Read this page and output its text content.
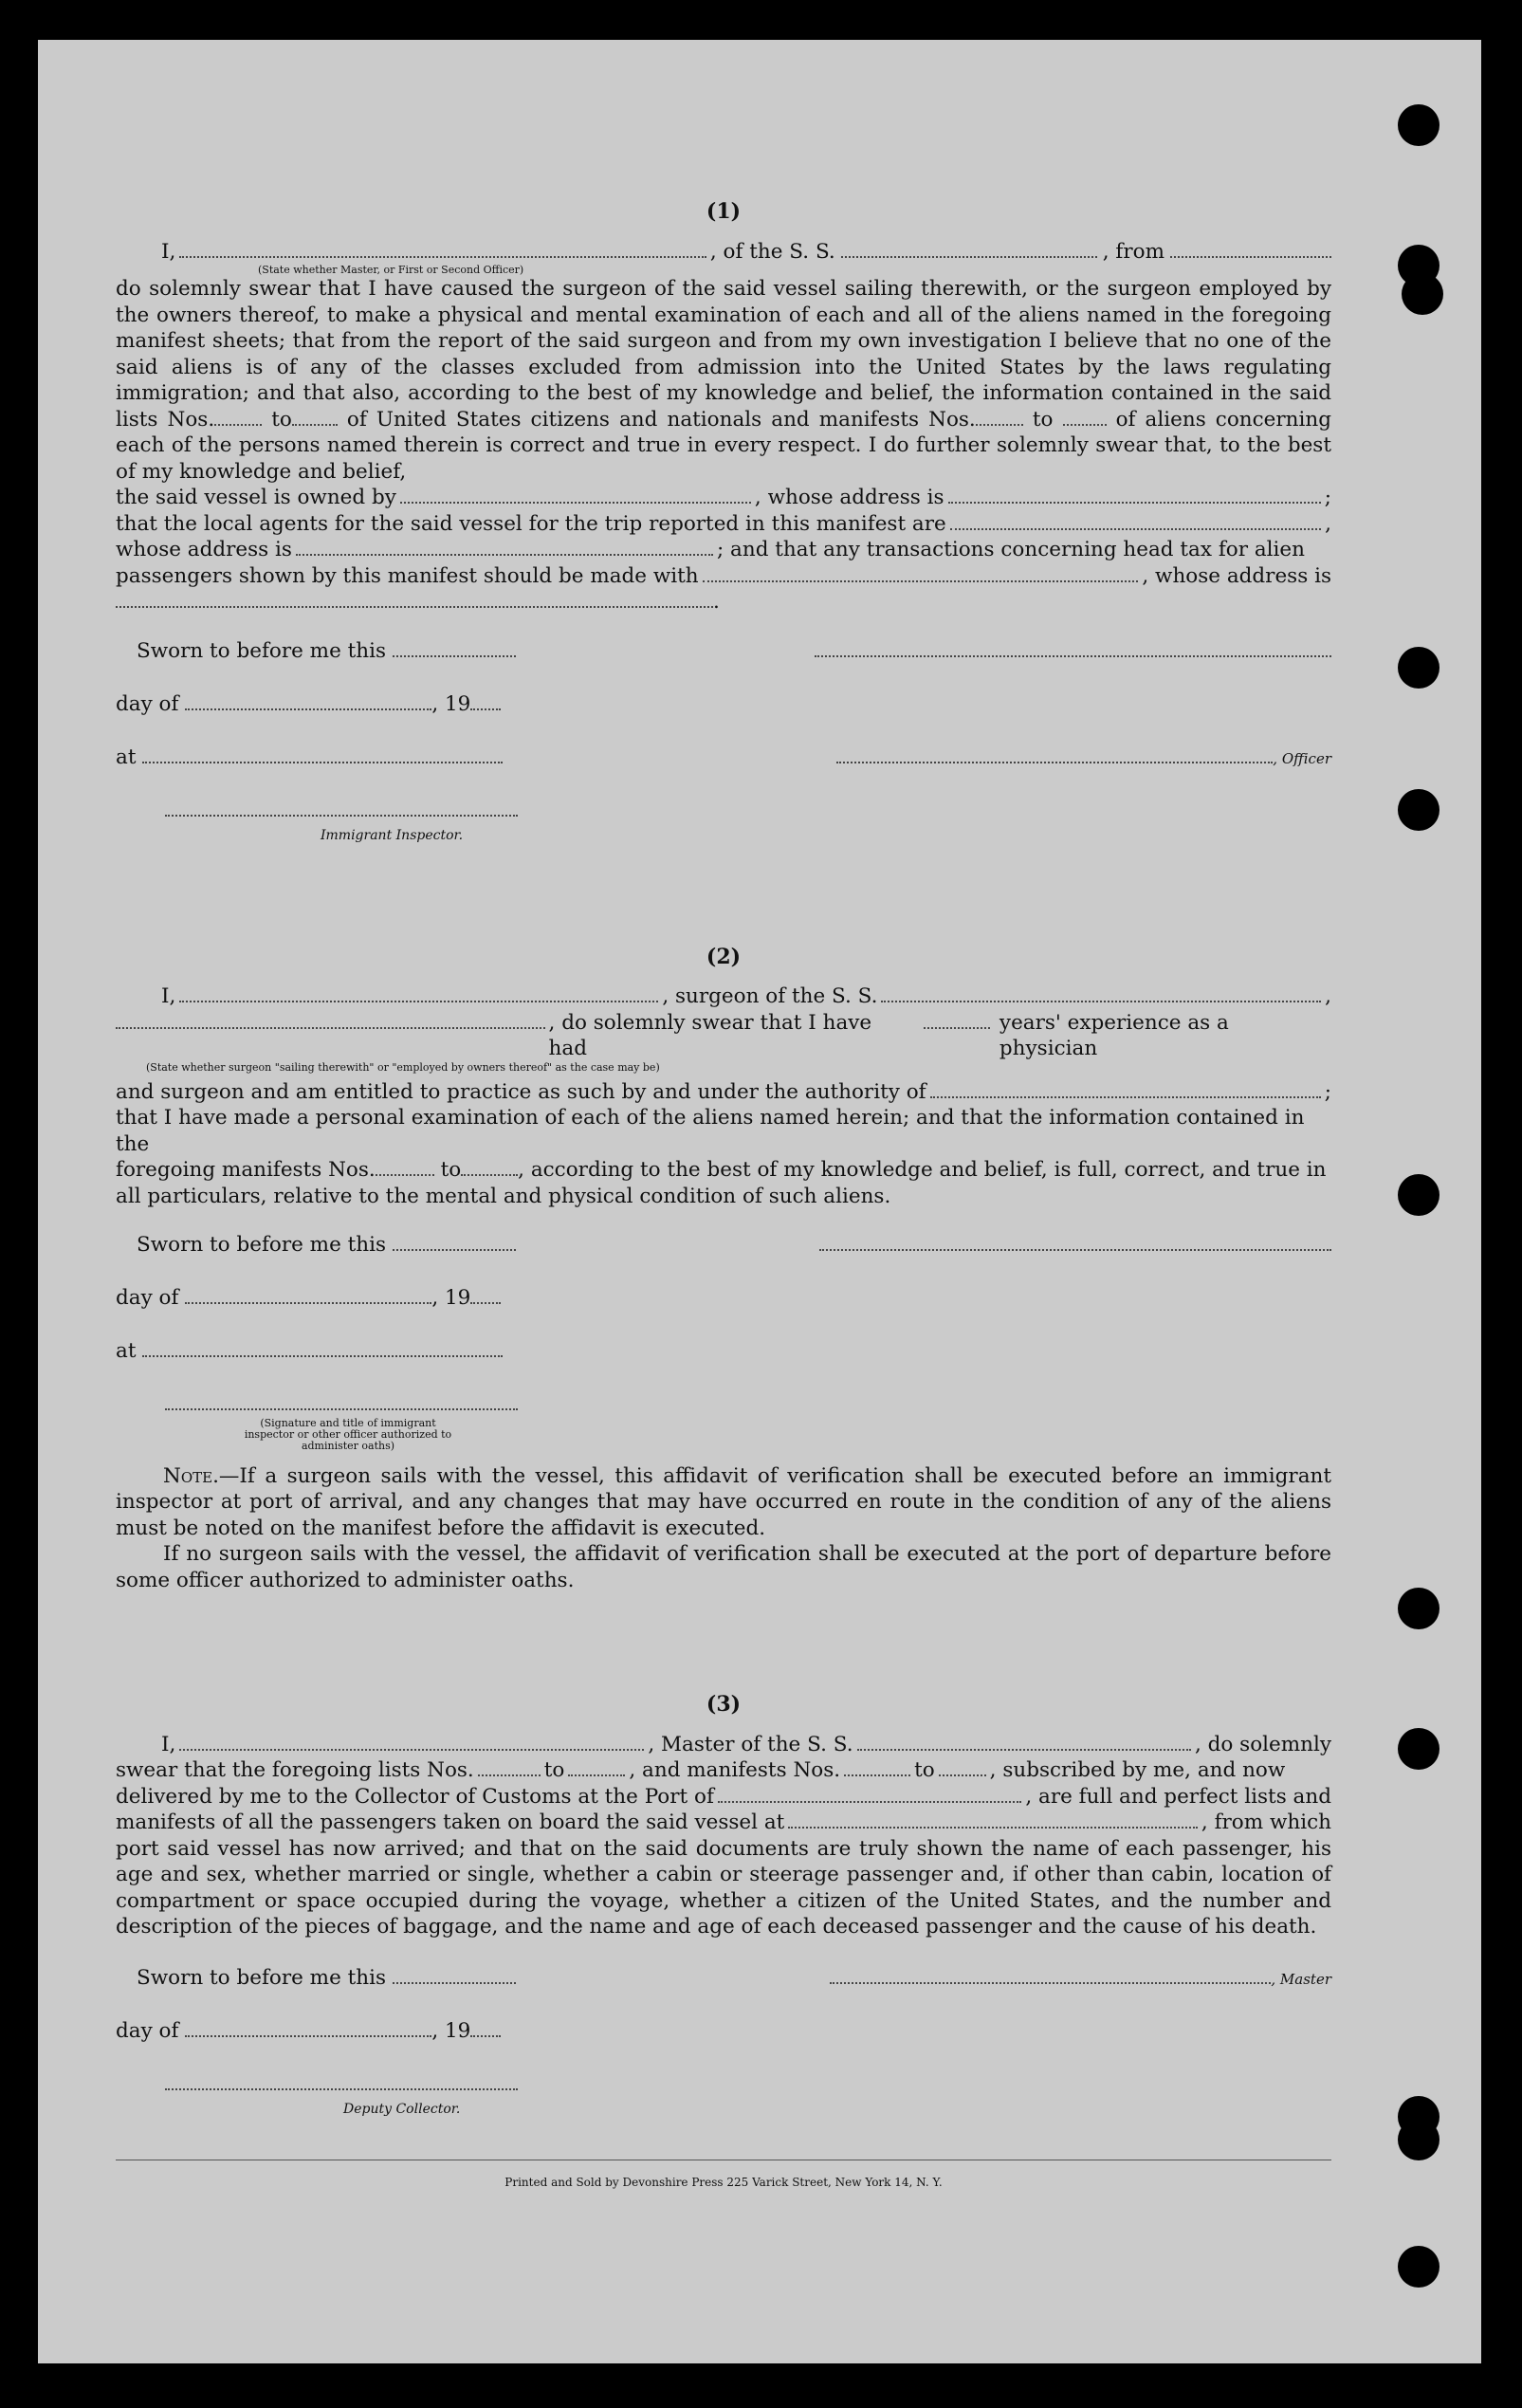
(1)
I,	, of the S. S.	, from
(State whether Master, or First or Second Officer)

do solemnly swear that I have caused the surgeon of the said vessel sailing therewith, or the surgeon employed by the owners thereof, to make a physical and mental examination of each and all of the aliens named in the foregoing manifest sheets; that from the report of the said surgeon and from my own investigation I believe that no one of the said aliens is of any of the classes excluded from admission into the United States by the laws regulating immigration; and that also, according to the best of my knowledge and belief, the information contained in the said lists Nos.	to	of United States citizens and nationals and manifests Nos.	to	of aliens concerning each of the persons named therein is correct and true in every respect. I do further solemnly swear that, to the best of my knowledge and belief,

the said vessel is owned by	, whose address is	;
that the local agents for the said vessel for the trip reported in this manifest are	,
whose address is	; and that any transactions concerning head tax for alien
passengers shown by this manifest should be made with	, whose address is
.
Sworn to before me this
day of	, 19
at	, Officer
Immigrant Inspector.
(2)
I,	, surgeon of the S. S.	,
, do solemnly swear that I have had
years' experience as a physician
(State whether surgeon "sailing therewith" or "employed by owners thereof" as the case may be)
and surgeon and am entitled to practice as such by and under the authority of	;
that I have made a personal examination of each of the aliens named herein; and that the information contained in the
foregoing manifests Nos.	to	, according to the best of my knowledge and belief, is full, correct, and true in
all particulars, relative to the mental and physical condition of such aliens.
Sworn to before me this
day of	, 19
at
(Signature and title of immigrant inspector or other officer authorized to administer oaths)

Note.—If a surgeon sails with the vessel, this affidavit of verification shall be executed before an immigrant inspector at port of arrival, and any changes that may have occurred en route in the condition of any of the aliens must be noted on the manifest before the affidavit is executed.

If no surgeon sails with the vessel, the affidavit of verification shall be executed at the port of departure before some officer authorized to administer oaths.

(3)
I,	, Master of the S. S.	, do solemnly
swear that the foregoing lists Nos.	to	, and manifests Nos.	to	, subscribed by me, and now
delivered by me to the Collector of Customs at the Port of	, are full and perfect lists and
manifests of all the passengers taken on board the said vessel at	, from which

port said vessel has now arrived; and that on the said documents are truly shown the name of each passenger, his age and sex, whether married or single, whether a cabin or steerage passenger and, if other than cabin, location of compartment or space occupied during the voyage, whether a citizen of the United States, and the number and description of the pieces of baggage, and the name and age of each deceased passenger and the cause of his death.

Sworn to before me this	, Master
day of	, 19
Deputy Collector.
Printed and Sold by Devonshire Press 225 Varick Street, New York 14, N. Y.
